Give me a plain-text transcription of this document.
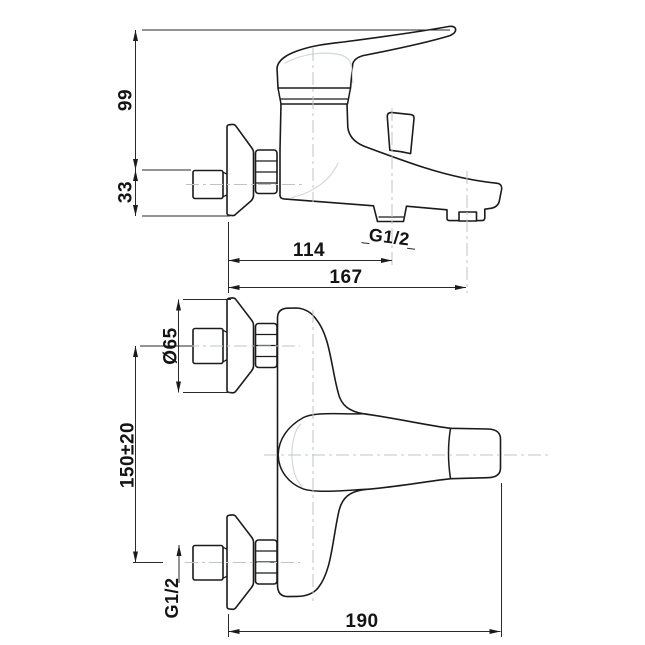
99
33
114
167
G1/2
Ø65
150±20
G1/2
190
